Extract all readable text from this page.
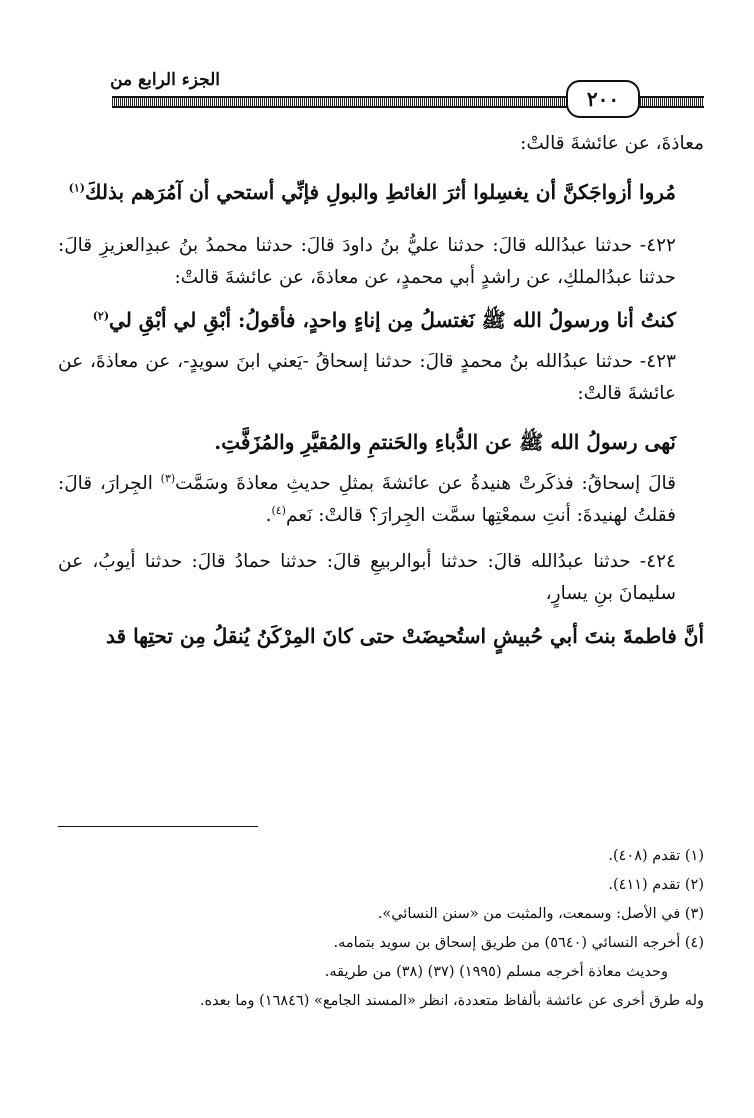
٢٠٠
الجزء الرابع من

معاذةَ، عن عائشةَ قالتْ:

مُروا أزواجَكنَّ أن يغسِلوا أثرَ الغائطِ والبولِ فإنِّي أستحي أن آمُرَهم بذلكَ$^{(١)}$

٤٢٢- حدثنا عبدُالله قالَ: حدثنا عليُّ بنُ داودَ قالَ: حدثنا محمدُ بنُ عبدِالعزيزِ قالَ: حدثنا عبدُالملكِ، عن راشدٍ أبي محمدٍ، عن معاذةَ، عن عائشةَ قالتْ:

كنتُ أنا ورسولُ الله ﷺ نَغتسلُ مِن إناءٍ واحدٍ، فأقولُ: أبْقِ لي أبْقِ لي$^{(٢)}$

٤٢٣- حدثنا عبدُالله بنُ محمدٍ قالَ: حدثنا إسحاقُ -يَعني ابنَ سويدٍ-، عن معاذةَ، عن عائشةَ قالتْ:

نَهى رسولُ الله ﷺ عن الدُّباءِ والحَنتمِ والمُقيَّرِ والمُزَفَّتِ.

قالَ إسحاقُ: فذكَرتْ هنيدةُ عن عائشةَ بمثلِ حديثِ معاذةَ وسَمَّت$^{(٣)}$ الجِرارَ، قالَ: فقلتُ لهنيدةَ: أنتِ سمعْتِها سمَّت الجِرارَ؟ قالتْ: نَعم$^{(٤)}$.

٤٢٤- حدثنا عبدُالله قالَ: حدثنا أبوالربيعِ قالَ: حدثنا حمادُ قالَ: حدثنا أيوبُ، عن سليمانَ بنِ يسارٍ،

أنَّ فاطمةَ بنتَ أبي حُبيشٍ استُحيضَتْ حتى كانَ المِرْكَنُ يُنقلُ مِن تحتِها قد

(١) تقدم (٤٠٨).
(٢) تقدم (٤١١).
(٣) في الأصل: وسمعت، والمثبت من «سنن النسائي».
(٤) أخرجه النسائي (٥٦٤٠) من طريق إسحاق بن سويد بتمامه.
وحديث معاذة أخرجه مسلم (١٩٩٥) (٣٧) (٣٨) من طريقه.
وله طرق أخرى عن عائشة بألفاظ متعددة، انظر «المسند الجامع» (١٦٨٤٦) وما بعده.
